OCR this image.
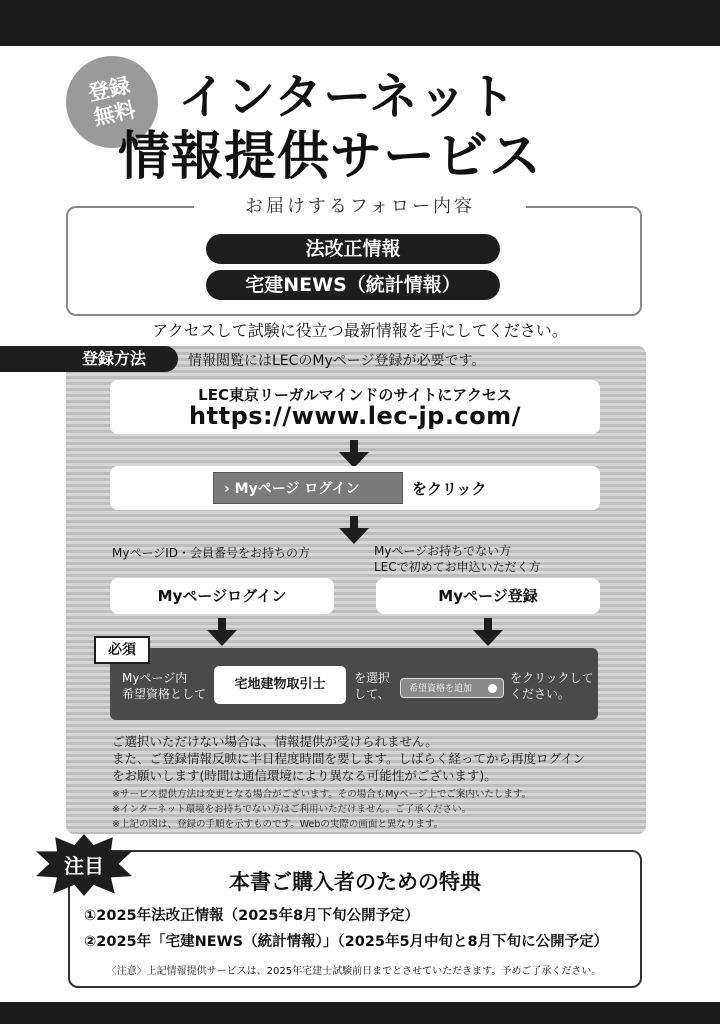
登録
無料 インターネット
情報提供サービス
お届けするフォロー内容
法改正情報
宅建NEWS（統計情報）
アクセスして試験に役立つ最新情報を手にしてください。
登録方法	情報閲覧にはLECのMyページ登録が必要です。
LEC東京リーガルマインドのサイトにアクセス
https://www.lec-jp.com/
› Myページ ログイン	をクリック
MyページID・会員番号をお持ちの方	Myページお持ちでない方
LECで初めてお申込いただく方
Myページログイン	Myページ登録
必須
Myページ内
希望資格として
宅地建物取引士	を選択
して、	希望資格を追加
をクリックして
ください。
ご選択いただけない場合は、情報提供が受けられません。
また、ご登録情報反映に半日程度時間を要します。しばらく経ってから再度ログイン
をお願いします(時間は通信環境により異なる可能性がございます)。
※サービス提供方法は変更となる場合がございます。その場合もMyページ上でご案内いたします。
※インターネット環境をお持ちでない方はご利用いただけません。ご了承ください。
※上記の図は、登録の手順を示すものです。Webの実際の画面と異なります。
注目
本書ご購入者のための特典
①2025年法改正情報（2025年8月下旬公開予定）
②2025年「宅建NEWS（統計情報）」（2025年5月中旬と8月下旬に公開予定）
〈注意〉上記情報提供サービスは、2025年宅建士試験前日までとさせていただきます。予めご了承ください。
